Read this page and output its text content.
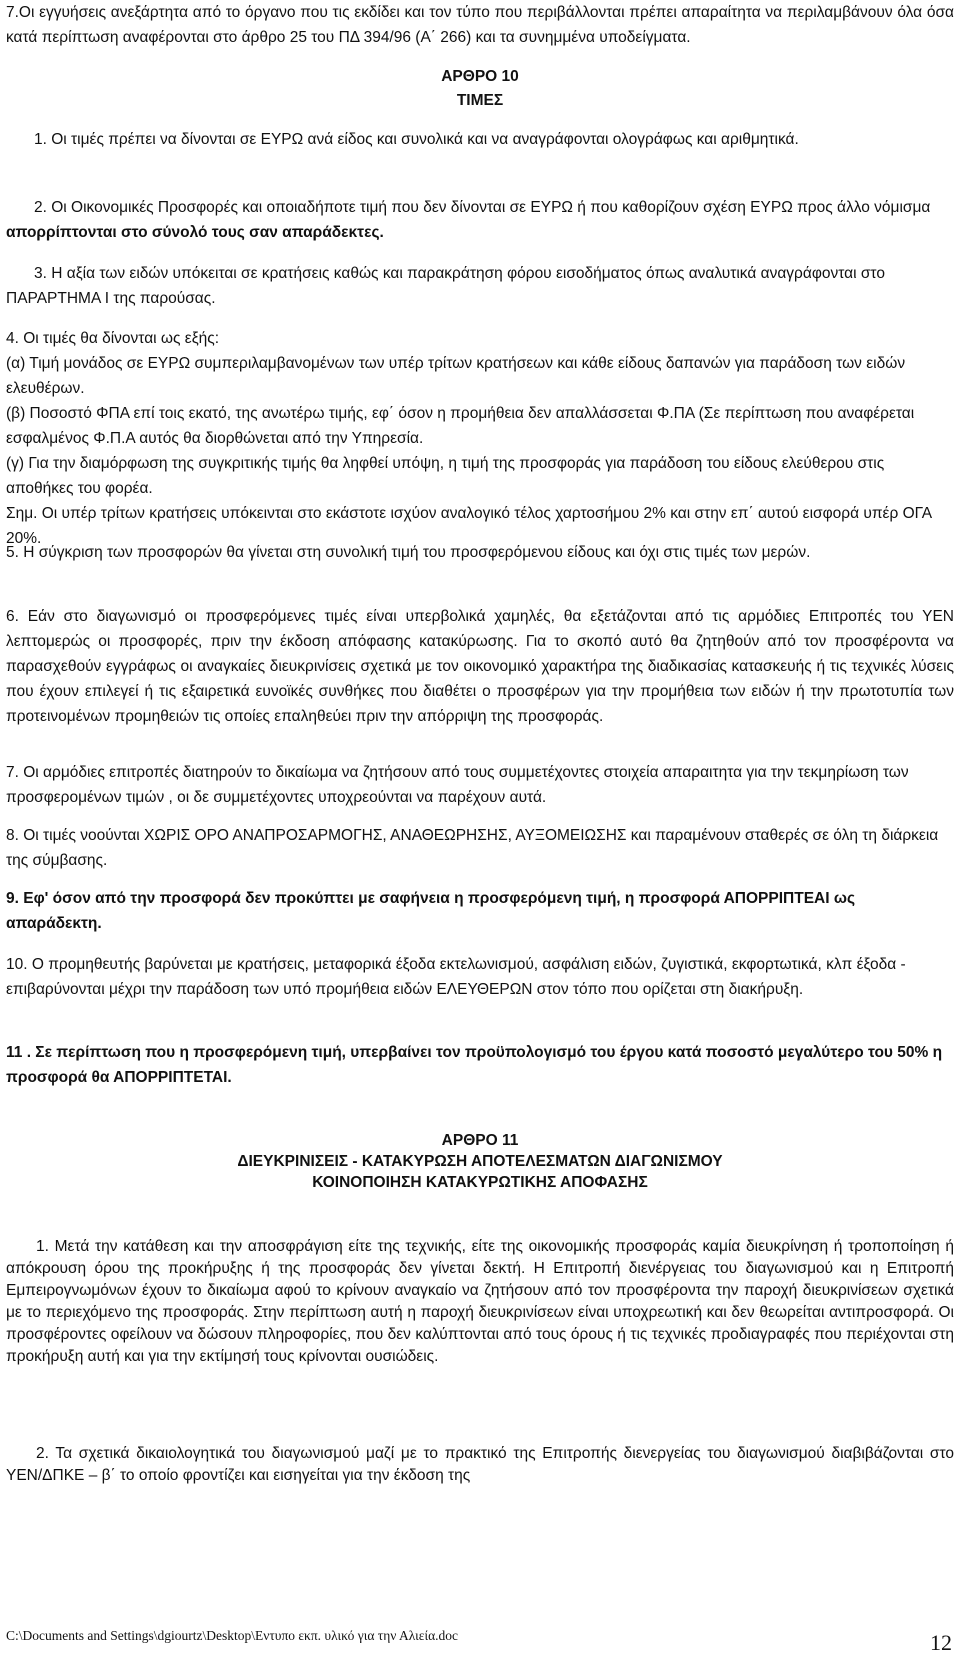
7.Οι εγγυήσεις ανεξάρτητα από το όργανο που τις εκδίδει και τον τύπο που περιβάλλονται πρέπει απαραίτητα να περιλαμβάνουν όλα όσα κατά περίπτωση αναφέρονται στο άρθρο 25 του ΠΔ 394/96 (Α΄ 266) και τα συνημμένα υποδείγματα.
ΑΡΘΡΟ 10
ΤΙΜΕΣ
1. Οι τιμές πρέπει να δίνονται σε ΕΥΡΩ ανά είδος και συνολικά και να αναγράφονται ολογράφως και αριθμητικά.
2. Οι Οικονομικές Προσφορές και οποιαδήποτε τιμή που δεν δίνονται σε ΕΥΡΩ ή που καθορίζουν σχέση ΕΥΡΩ προς άλλο νόμισμα απορρίπτονται στο σύνολό τους σαν απαράδεκτες.
3. Η αξία των ειδών υπόκειται σε κρατήσεις καθώς και παρακράτηση φόρου εισοδήματος όπως αναλυτικά αναγράφονται στο ΠΑΡΑΡΤΗΜΑ Ι της παρούσας.
4. Οι τιμές θα δίνονται ως εξής:
(α) Τιμή μονάδος σε ΕΥΡΩ συμπεριλαμβανομένων των υπέρ τρίτων κρατήσεων και κάθε είδους δαπανών για παράδοση των ειδών ελευθέρων.
(β) Ποσοστό ΦΠΑ επί τοις εκατό, της ανωτέρω τιμής, εφ΄ όσον η προμήθεια δεν απαλλάσσεται Φ.ΠΑ (Σε περίπτωση που αναφέρεται εσφαλμένος Φ.Π.Α αυτός θα διορθώνεται από την Υπηρεσία.
(γ) Για την διαμόρφωση της συγκριτικής τιμής θα ληφθεί υπόψη, η τιμή της προσφοράς για παράδοση του είδους ελεύθερου στις αποθήκες του φορέα.
Σημ. Οι υπέρ τρίτων κρατήσεις υπόκεινται στο εκάστοτε ισχύον αναλογικό τέλος χαρτοσήμου 2% και στην επ΄ αυτού εισφορά υπέρ ΟΓΑ 20%.
5. Η σύγκριση των προσφορών θα γίνεται στη συνολική τιμή του προσφερόμενου είδους και όχι στις τιμές των μερών.
6. Εάν στο διαγωνισμό οι προσφερόμενες τιμές είναι υπερβολικά χαμηλές, θα εξετάζονται από τις αρμόδιες Επιτροπές του ΥΕΝ λεπτομερώς οι προσφορές, πριν την έκδοση απόφασης κατακύρωσης. Για το σκοπό αυτό θα ζητηθούν από τον προσφέροντα να παρασχεθούν εγγράφως οι αναγκαίες διευκρινίσεις σχετικά με τον οικονομικό χαρακτήρα της διαδικασίας κατασκευής ή τις τεχνικές λύσεις που έχουν επιλεγεί ή τις εξαιρετικά ευνοϊκές συνθήκες που διαθέτει ο προσφέρων για την προμήθεια των ειδών ή την πρωτοτυπία των προτεινομένων προμηθειών τις οποίες επαληθεύει πριν την απόρριψη της προσφοράς.
7. Οι αρμόδιες επιτροπές διατηρούν το δικαίωμα να ζητήσουν από τους συμμετέχοντες στοιχεία απαραιτητα για την τεκμηρίωση των προσφερομένων τιμών , οι δε συμμετέχοντες υποχρεούνται να παρέχουν αυτά.
8. Οι τιμές νοούνται ΧΩΡΙΣ ΟΡΟ ΑΝΑΠΡΟΣΑΡΜΟΓΗΣ, ΑΝΑΘΕΩΡΗΣΗΣ, ΑΥΞΟΜΕΙΩΣΗΣ και παραμένουν σταθερές σε όλη τη διάρκεια της σύμβασης.
9. Εφ' όσον από την προσφορά δεν προκύπτει με σαφήνεια η προσφερόμενη τιμή, η προσφορά ΑΠΟΡΡΙΠΤΕΑΙ ως απαράδεκτη.
10. Ο προμηθευτής βαρύνεται με κρατήσεις, μεταφορικά έξοδα εκτελωνισμού, ασφάλιση ειδών, ζυγιστικά, εκφορτωτικά, κλπ έξοδα - επιβαρύνονται μέχρι την παράδοση των υπό προμήθεια ειδών ΕΛΕΥΘΕΡΩΝ στον τόπο που ορίζεται στη διακήρυξη.
11 . Σε περίπτωση που η προσφερόμενη τιμή, υπερβαίνει τον προϋπολογισμό του έργου κατά ποσοστό μεγαλύτερο του 50% η προσφορά θα ΑΠΟΡΡΙΠΤΕΤΑΙ.
ΑΡΘΡΟ 11
ΔΙΕΥΚΡΙΝΙΣΕΙΣ - ΚΑΤΑΚΥΡΩΣΗ ΑΠΟΤΕΛΕΣΜΑΤΩΝ ΔΙΑΓΩΝΙΣΜΟΥ
ΚΟΙΝΟΠΟΙΗΣΗ ΚΑΤΑΚΥΡΩΤΙΚΗΣ ΑΠΟΦΑΣΗΣ
1. Μετά την κατάθεση και την αποσφράγιση είτε της τεχνικής, είτε της οικονομικής προσφοράς καμία διευκρίνηση ή τροποποίηση ή απόκρουση όρου της προκήρυξης ή της προσφοράς δεν γίνεται δεκτή. Η Επιτροπή διενέργειας του διαγωνισμού και η Επιτροπή Εμπειρογνωμόνων έχουν το δικαίωμα αφού το κρίνουν αναγκαίο να ζητήσουν από τον προσφέροντα την παροχή διευκρινίσεων σχετικά με το περιεχόμενο της προσφοράς. Στην περίπτωση αυτή η παροχή διευκρινίσεων είναι υποχρεωτική και δεν θεωρείται αντιπροσφορά. Οι προσφέροντες οφείλουν να δώσουν πληροφορίες, που δεν καλύπτονται από τους όρους ή τις τεχνικές προδιαγραφές που περιέχονται στη προκήρυξη αυτή και για την εκτίμησή τους κρίνονται ουσιώδεις.
2. Τα σχετικά δικαιολογητικά του διαγωνισμού μαζί με το πρακτικό της Επιτροπής διενεργείας του διαγωνισμού διαβιβάζονται στο ΥΕΝ/ΔΠΚΕ – β΄ το οποίο φροντίζει και εισηγείται για την έκδοση της
C:\Documents and Settings\dgiourtz\Desktop\Εντυπο εκπ. υλικό για την Αλιεία.doc	12
